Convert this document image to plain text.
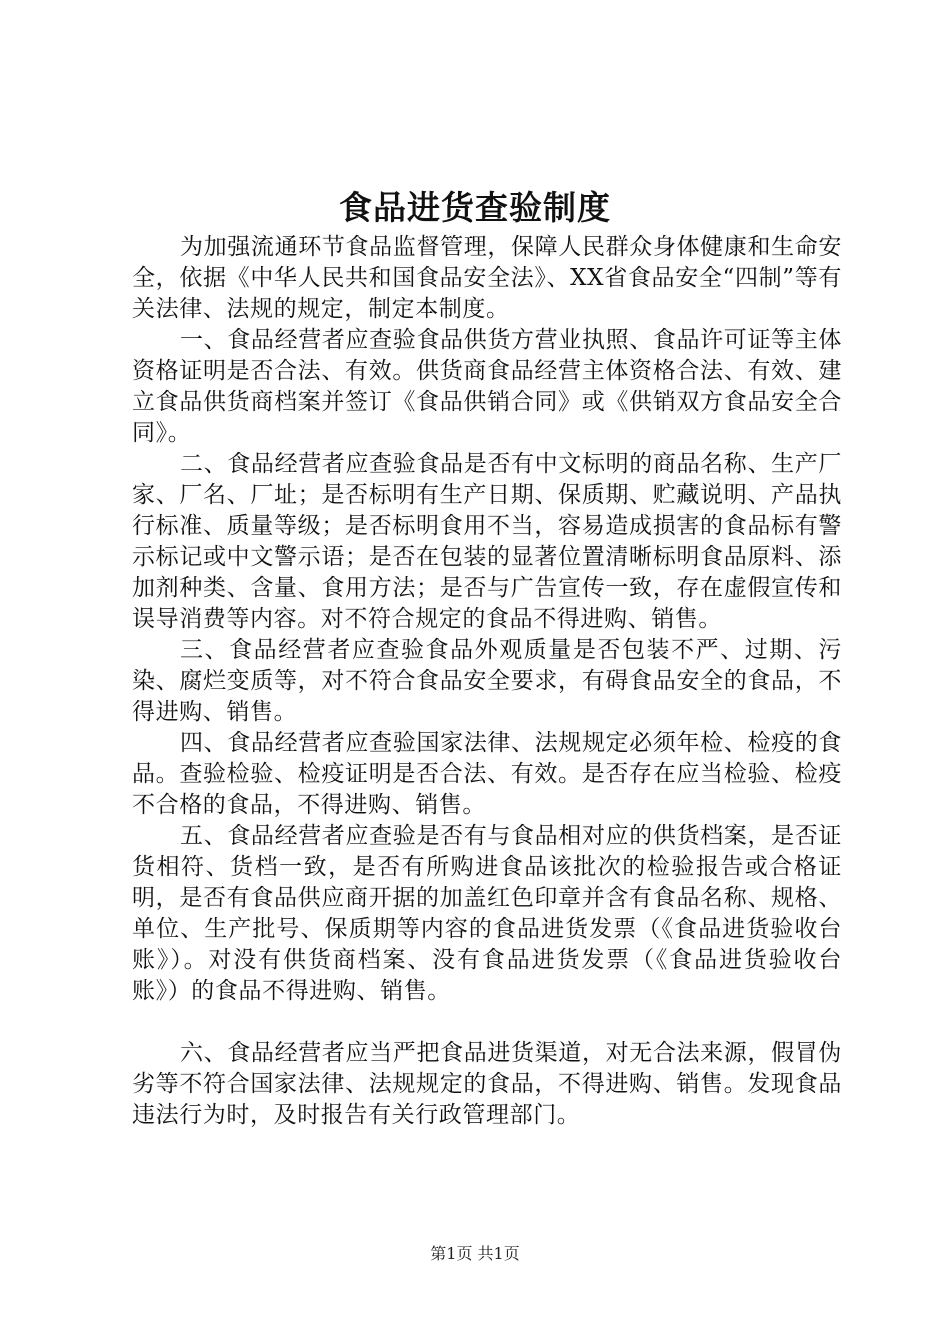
食品进货查验制度

为加强流通环节食品监督管理，保障人民群众身体健康和生命安全，依据《中华人民共和国食品安全法》、XX省食品安全“四制”等有关法律、法规的规定，制定本制度。

一、食品经营者应查验食品供货方营业执照、食品许可证等主体资格证明是否合法、有效。供货商食品经营主体资格合法、有效、建立食品供货商档案并签订《食品供销合同》或《供销双方食品安全合同》。

二、食品经营者应查验食品是否有中文标明的商品名称、生产厂家、厂名、厂址；是否标明有生产日期、保质期、贮藏说明、产品执行标准、质量等级；是否标明食用不当，容易造成损害的食品标有警示标记或中文警示语；是否在包装的显著位置清晰标明食品原料、添加剂种类、含量、食用方法；是否与广告宣传一致，存在虚假宣传和误导消费等内容。对不符合规定的食品不得进购、销售。

三、食品经营者应查验食品外观质量是否包装不严、过期、污染、腐烂变质等，对不符合食品安全要求，有碍食品安全的食品，不得进购、销售。

四、食品经营者应查验国家法律、法规规定必须年检、检疫的食品。查验检验、检疫证明是否合法、有效。是否存在应当检验、检疫不合格的食品，不得进购、销售。

五、食品经营者应查验是否有与食品相对应的供货档案，是否证货相符、货档一致，是否有所购进食品该批次的检验报告或合格证明，是否有食品供应商开据的加盖红色印章并含有食品名称、规格、单位、生产批号、保质期等内容的食品进货发票（《食品进货验收台账》）。对没有供货商档案、没有食品进货发票（《食品进货验收台账》）的食品不得进购、销售。

六、食品经营者应当严把食品进货渠道，对无合法来源，假冒伪劣等不符合国家法律、法规规定的食品，不得进购、销售。发现食品违法行为时，及时报告有关行政管理部门。

第1页 共1页
